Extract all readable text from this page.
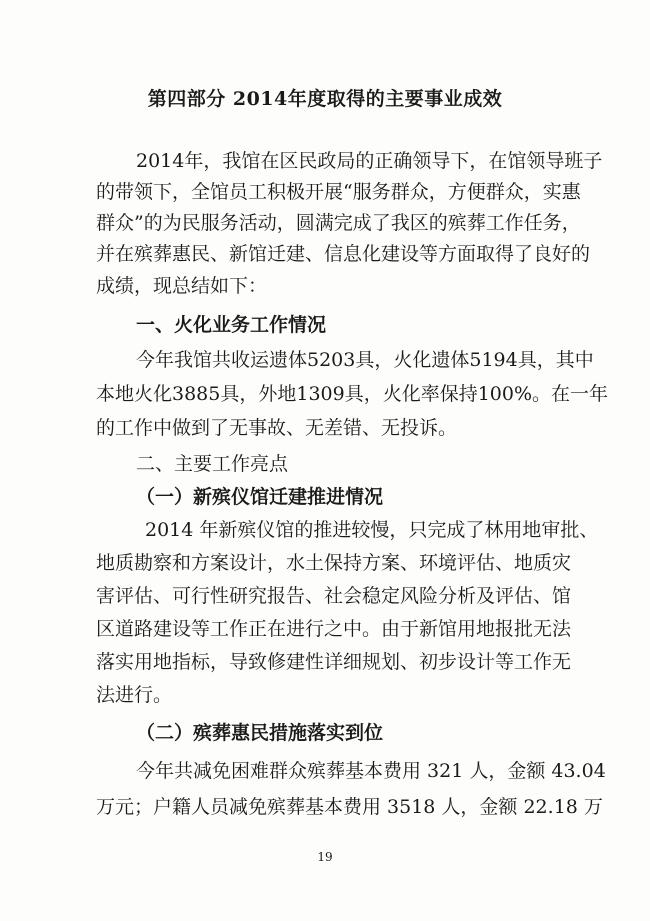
第四部分 2014年度取得的主要事业成效
2014年，我馆在区民政局的正确领导下，在馆领导班子
的带领下，全馆员工积极开展“服务群众，方便群众，实惠
群众”的为民服务活动，圆满完成了我区的殡葬工作任务，
并在殡葬惠民、新馆迁建、信息化建设等方面取得了良好的
成绩，现总结如下：
一、火化业务工作情况
今年我馆共收运遗体5203具，火化遗体5194具，其中
本地火化3885具，外地1309具，火化率保持100%。在一年
的工作中做到了无事故、无差错、无投诉。
二、主要工作亮点
（一）新殡仪馆迁建推进情况
2014 年新殡仪馆的推进较慢，只完成了林用地审批、
地质勘察和方案设计，水土保持方案、环境评估、地质灾
害评估、可行性研究报告、社会稳定风险分析及评估、馆
区道路建设等工作正在进行之中。由于新馆用地报批无法
落实用地指标，导致修建性详细规划、初步设计等工作无
法进行。
（二）殡葬惠民措施落实到位
今年共减免困难群众殡葬基本费用 321 人，金额 43.04
万元；户籍人员减免殡葬基本费用 3518 人，金额 22.18 万
19
